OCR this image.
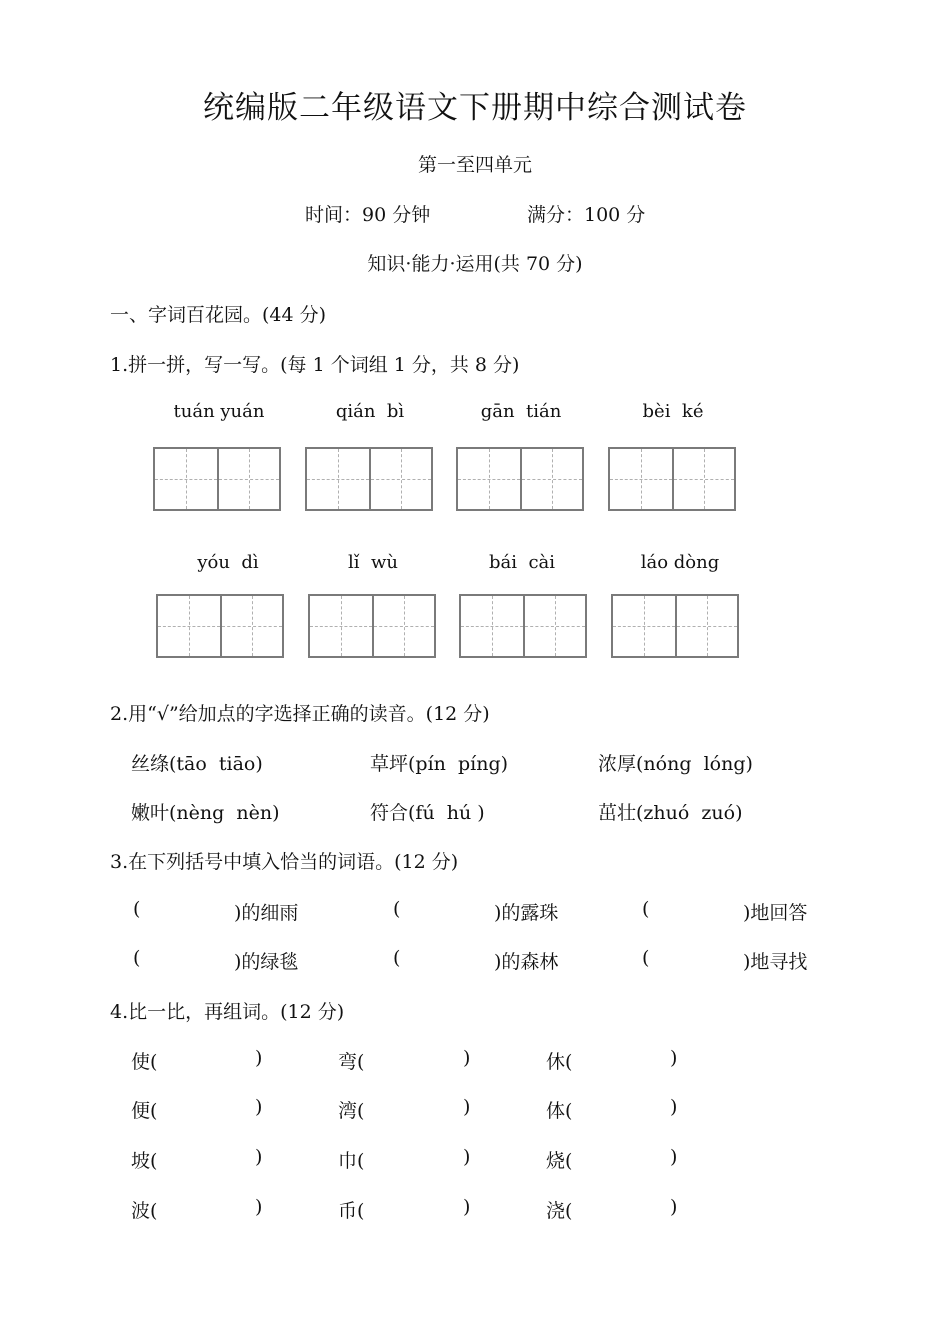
统编版二年级语文下册期中综合测试卷
第一至四单元
时间：90 分钟	满分：100 分
知识·能力·运用(共 70 分)
一、字词百花园。(44 分)
1.拼一拼，写一写。(每 1 个词组 1 分，共 8 分)
tuán yuán	qián  bì	gān  tián	bèi  ké
yóu  dì	lǐ  wù	bái  cài	láo dòng
2.用“√”给加点的字选择正确的读音。(12 分)
丝绦(tāo  tiāo)	草坪(pín  píng)	浓厚(nóng  lóng)
嫩叶(nèng  nèn)	符合(fú  hú )	茁壮(zhuó  zuó)
3.在下列括号中填入恰当的词语。(12 分)
(	)的细雨	(	)的露珠	(	)地回答
(	)的绿毯	(	)的森林	(	)地寻找
4.比一比，再组词。(12 分)
使(	)	弯(	)	休(	)
便(	)	湾(	)	体(	)
坡(	)	巾(	)	烧(	)
波(	)	币(	)	浇(	)
